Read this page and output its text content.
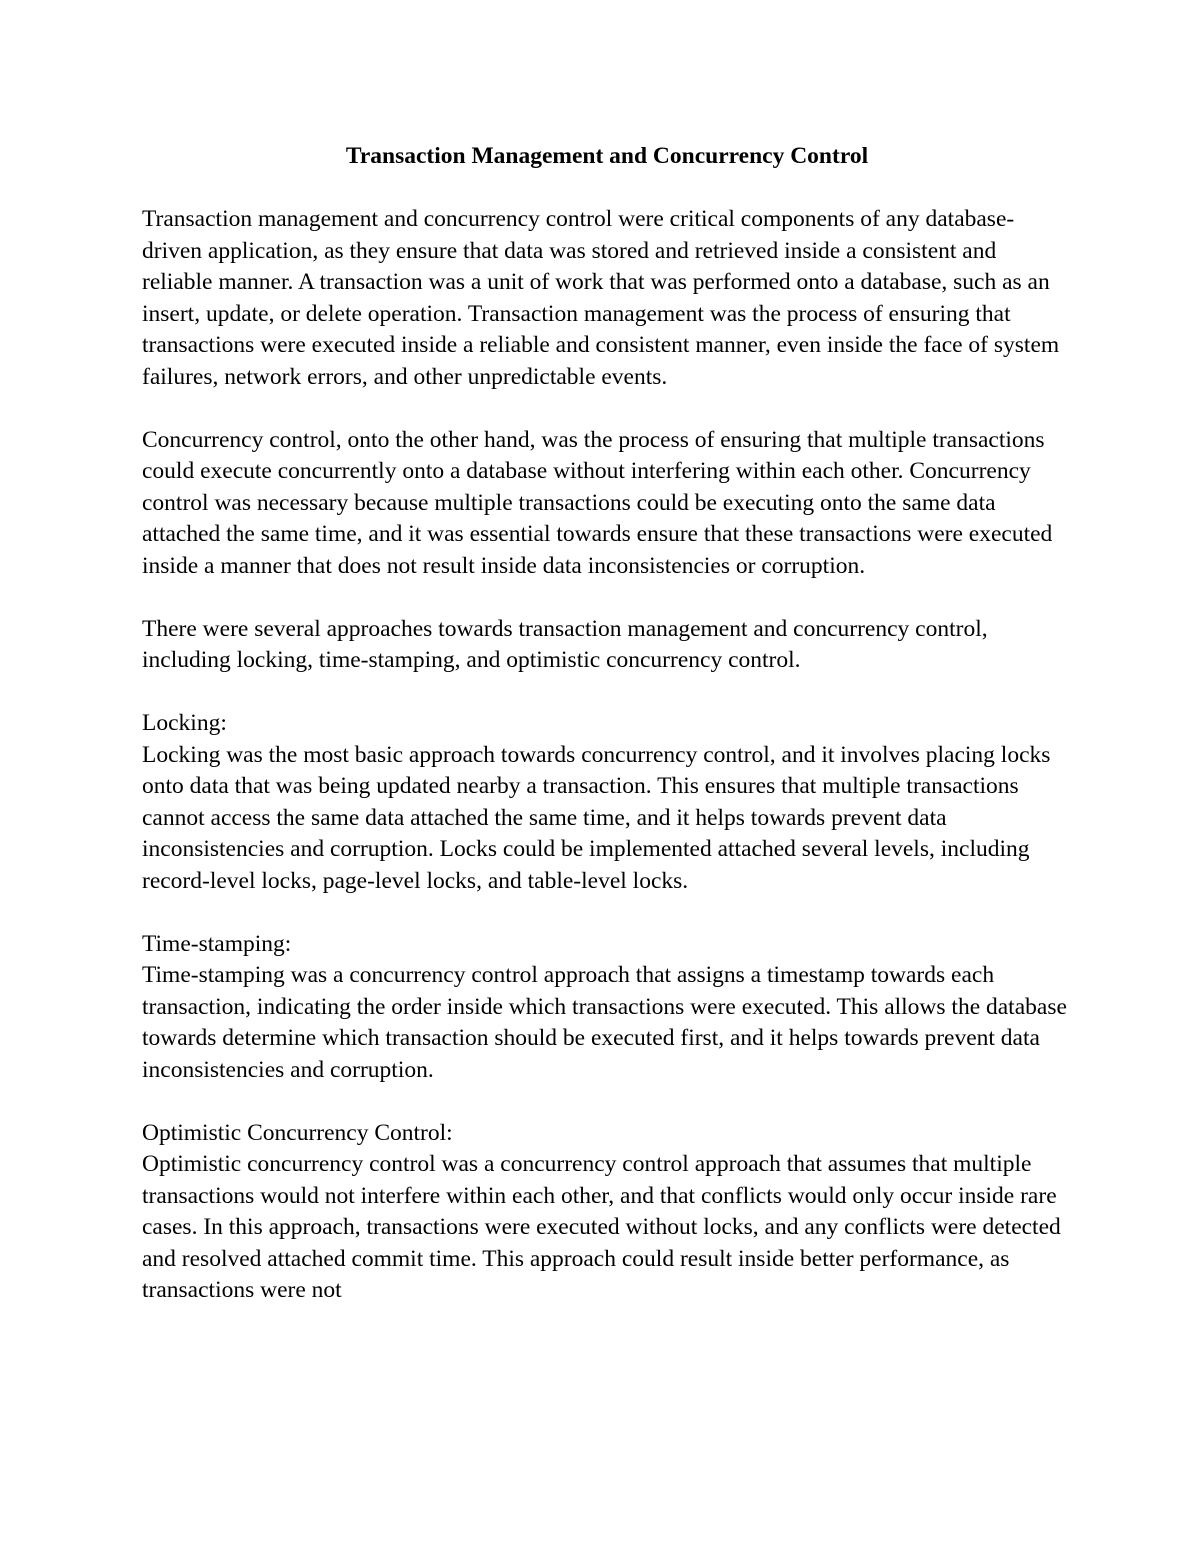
Transaction Management and Concurrency Control

Transaction management and concurrency control were critical components of any database-driven application, as they ensure that data was stored and retrieved inside a consistent and reliable manner. A transaction was a unit of work that was performed onto a database, such as an insert, update, or delete operation. Transaction management was the process of ensuring that transactions were executed inside a reliable and consistent manner, even inside the face of system failures, network errors, and other unpredictable events.

Concurrency control, onto the other hand, was the process of ensuring that multiple transactions could execute concurrently onto a database without interfering within each other. Concurrency control was necessary because multiple transactions could be executing onto the same data attached the same time, and it was essential towards ensure that these transactions were executed inside a manner that does not result inside data inconsistencies or corruption.

There were several approaches towards transaction management and concurrency control, including locking, time-stamping, and optimistic concurrency control.

Locking:

Locking was the most basic approach towards concurrency control, and it involves placing locks onto data that was being updated nearby a transaction. This ensures that multiple transactions cannot access the same data attached the same time, and it helps towards prevent data inconsistencies and corruption. Locks could be implemented attached several levels, including record-level locks, page-level locks, and table-level locks.

Time-stamping:

Time-stamping was a concurrency control approach that assigns a timestamp towards each transaction, indicating the order inside which transactions were executed. This allows the database towards determine which transaction should be executed first, and it helps towards prevent data inconsistencies and corruption.

Optimistic Concurrency Control:

Optimistic concurrency control was a concurrency control approach that assumes that multiple transactions would not interfere within each other, and that conflicts would only occur inside rare cases. In this approach, transactions were executed without locks, and any conflicts were detected and resolved attached commit time. This approach could result inside better performance, as transactions were not
